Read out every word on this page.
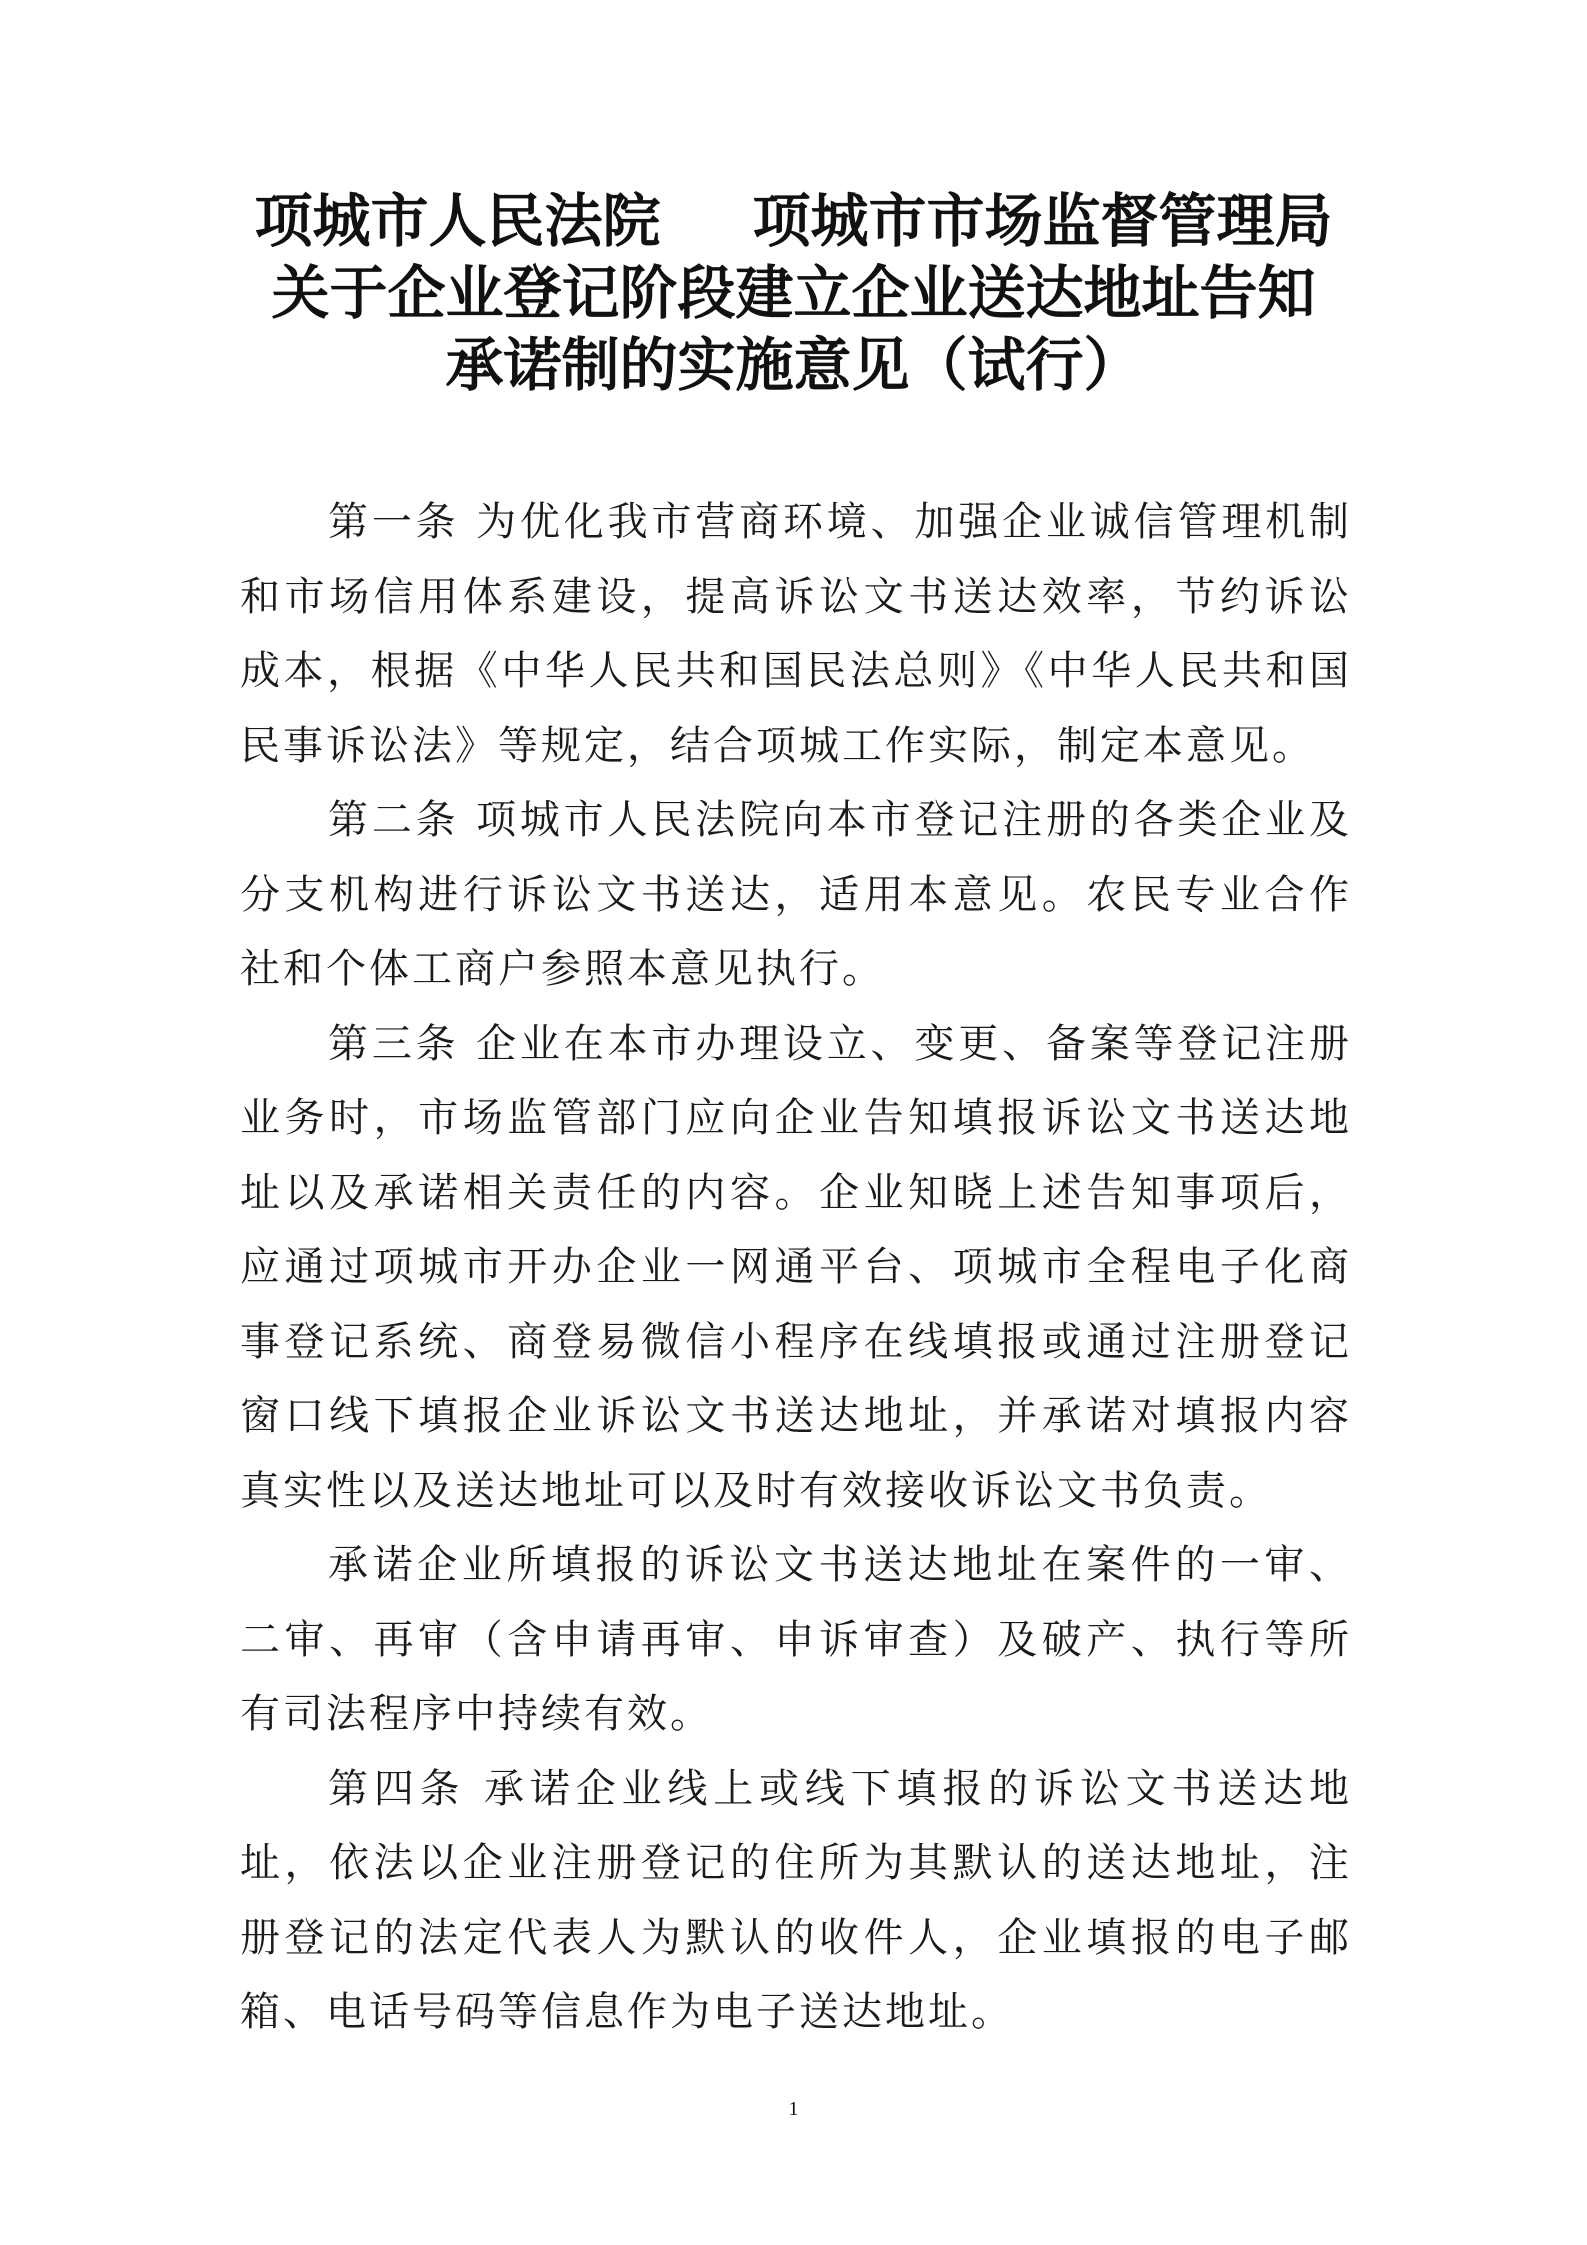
项城市人民法院 项城市市场监督管理局
关于企业登记阶段建立企业送达地址告知
承诺制的实施意见（试行）

第一条 为优化我市营商环境、加强企业诚信管理机制和市场信用体系建设，提高诉讼文书送达效率，节约诉讼成本，根据《中华人民共和国民法总则》《中华人民共和国民事诉讼法》等规定，结合项城工作实际，制定本意见。

第二条 项城市人民法院向本市登记注册的各类企业及分支机构进行诉讼文书送达，适用本意见。农民专业合作社和个体工商户参照本意见执行。

第三条 企业在本市办理设立、变更、备案等登记注册业务时，市场监管部门应向企业告知填报诉讼文书送达地址以及承诺相关责任的内容。企业知晓上述告知事项后，应通过项城市开办企业一网通平台、项城市全程电子化商事登记系统、商登易微信小程序在线填报或通过注册登记窗口线下填报企业诉讼文书送达地址，并承诺对填报内容真实性以及送达地址可以及时有效接收诉讼文书负责。

承诺企业所填报的诉讼文书送达地址在案件的一审、二审、再审（含申请再审、申诉审查）及破产、执行等所有司法程序中持续有效。

第四条 承诺企业线上或线下填报的诉讼文书送达地址，依法以企业注册登记的住所为其默认的送达地址，注册登记的法定代表人为默认的收件人，企业填报的电子邮箱、电话号码等信息作为电子送达地址。

1
